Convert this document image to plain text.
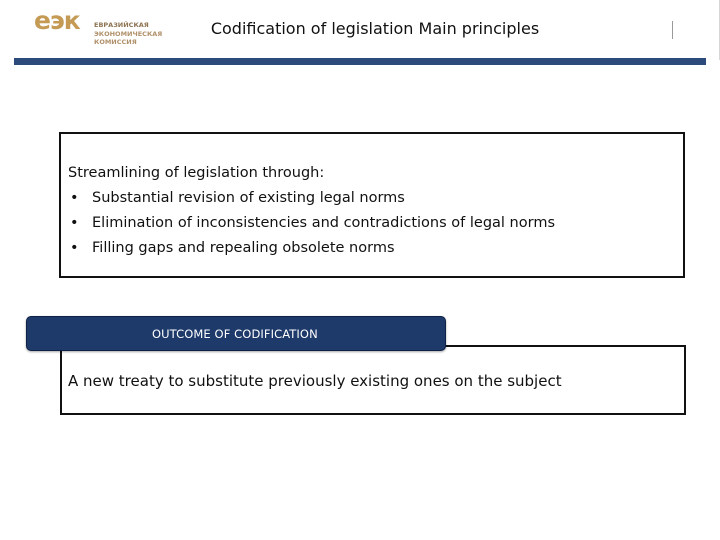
еэк ЕВРАЗИЙСКАЯ
ЭКОНОМИЧЕСКАЯ
КОМИССИЯ
Codification of legislation Main principles
Streamlining of legislation through:
• Substantial revision of existing legal norms
• Elimination of inconsistencies and contradictions of legal norms
• Filling gaps and repealing obsolete norms
A new treaty to substitute previously existing ones on the subject
OUTCOME OF CODIFICATION
